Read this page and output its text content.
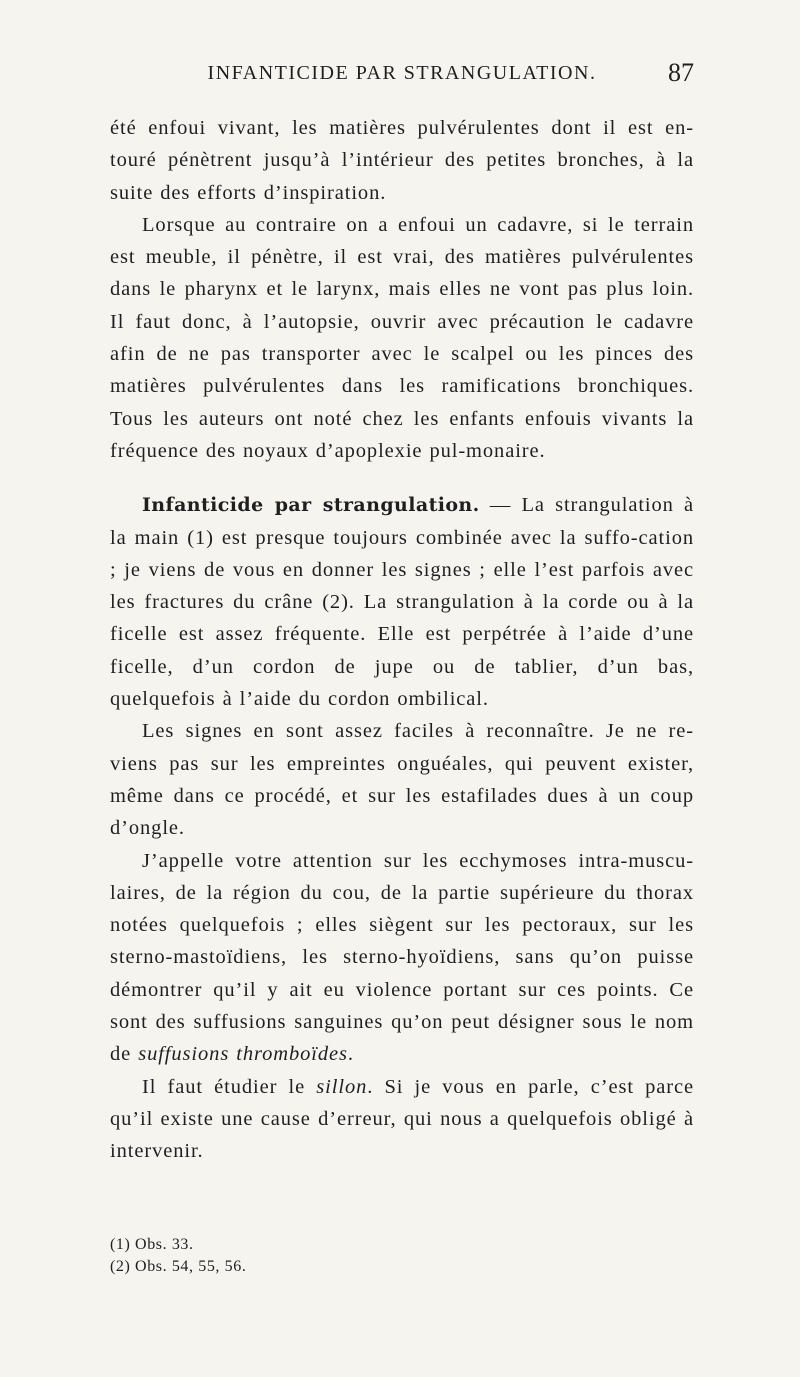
INFANTICIDE PAR STRANGULATION.	87

été enfoui vivant, les matières pulvérulentes dont il est en-touré pénètrent jusqu’à l’intérieur des petites bronches, à la suite des efforts d’inspiration.

Lorsque au contraire on a enfoui un cadavre, si le terrain est meuble, il pénètre, il est vrai, des matières pulvérulentes dans le pharynx et le larynx, mais elles ne vont pas plus loin. Il faut donc, à l’autopsie, ouvrir avec précaution le cadavre afin de ne pas transporter avec le scalpel ou les pinces des matières pulvérulentes dans les ramifications bronchiques. Tous les auteurs ont noté chez les enfants enfouis vivants la fréquence des noyaux d’apoplexie pul-monaire.

Infanticide par strangulation. — La strangulation à la main (1) est presque toujours combinée avec la suffo-cation ; je viens de vous en donner les signes ; elle l’est parfois avec les fractures du crâne (2). La strangulation à la corde ou à la ficelle est assez fréquente. Elle est perpétrée à l’aide d’une ficelle, d’un cordon de jupe ou de tablier, d’un bas, quelquefois à l’aide du cordon ombilical.

Les signes en sont assez faciles à reconnaître. Je ne re-viens pas sur les empreintes onguéales, qui peuvent exister, même dans ce procédé, et sur les estafilades dues à un coup d’ongle.

J’appelle votre attention sur les ecchymoses intra-muscu-laires, de la région du cou, de la partie supérieure du thorax notées quelquefois ; elles siègent sur les pectoraux, sur les sterno-mastoïdiens, les sterno-hyoïdiens, sans qu’on puisse démontrer qu’il y ait eu violence portant sur ces points. Ce sont des suffusions sanguines qu’on peut désigner sous le nom de suffusions thromboïdes.

Il faut étudier le sillon. Si je vous en parle, c’est parce qu’il existe une cause d’erreur, qui nous a quelquefois obligé à intervenir.

(1) Obs. 33.
(2) Obs. 54, 55, 56.
